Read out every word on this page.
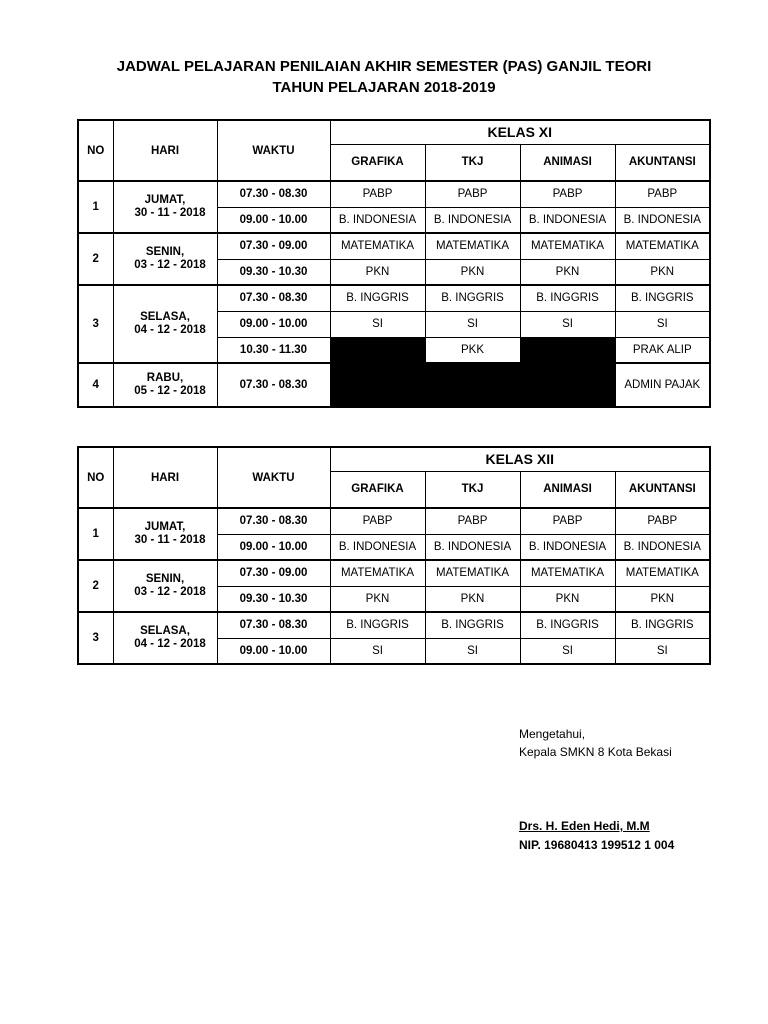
JADWAL PELAJARAN PENILAIAN AKHIR SEMESTER (PAS) GANJIL TEORI
TAHUN PELAJARAN 2018-2019
NO	HARI	WAKTU	KELAS XI			
			GRAFIKA	TKJ	ANIMASI	AKUNTANSI
1	JUMAT,
30 - 11 - 2018	07.30 - 08.30	PABP	PABP	PABP	PABP
		09.00 - 10.00	B. INDONESIA	B. INDONESIA	B. INDONESIA	B. INDONESIA
2	SENIN,
03 - 12 - 2018	07.30 - 09.00	MATEMATIKA	MATEMATIKA	MATEMATIKA	MATEMATIKA
		09.30 - 10.30	PKN	PKN	PKN	PKN
3	SELASA,
04 - 12 - 2018	07.30 - 08.30	B. INGGRIS	B. INGGRIS	B. INGGRIS	B. INGGRIS
		09.00 - 10.00	SI	SI	SI	SI
		10.30 - 11.30		PKK		PRAK ALIP
4	RABU,
05 - 12 - 2018	07.30 - 08.30				ADMIN PAJAK
NO	HARI	WAKTU	KELAS XII			
			GRAFIKA	TKJ	ANIMASI	AKUNTANSI
1	JUMAT,
30 - 11 - 2018	07.30 - 08.30	PABP	PABP	PABP	PABP
		09.00 - 10.00	B. INDONESIA	B. INDONESIA	B. INDONESIA	B. INDONESIA
2	SENIN,
03 - 12 - 2018	07.30 - 09.00	MATEMATIKA	MATEMATIKA	MATEMATIKA	MATEMATIKA
		09.30 - 10.30	PKN	PKN	PKN	PKN
3	SELASA,
04 - 12 - 2018	07.30 - 08.30	B. INGGRIS	B. INGGRIS	B. INGGRIS	B. INGGRIS
		09.00 - 10.00	SI	SI	SI	SI
Mengetahui,
Kepala SMKN 8 Kota Bekasi
Drs. H. Eden Hedi, M.M
NIP. 19680413 199512 1 004
